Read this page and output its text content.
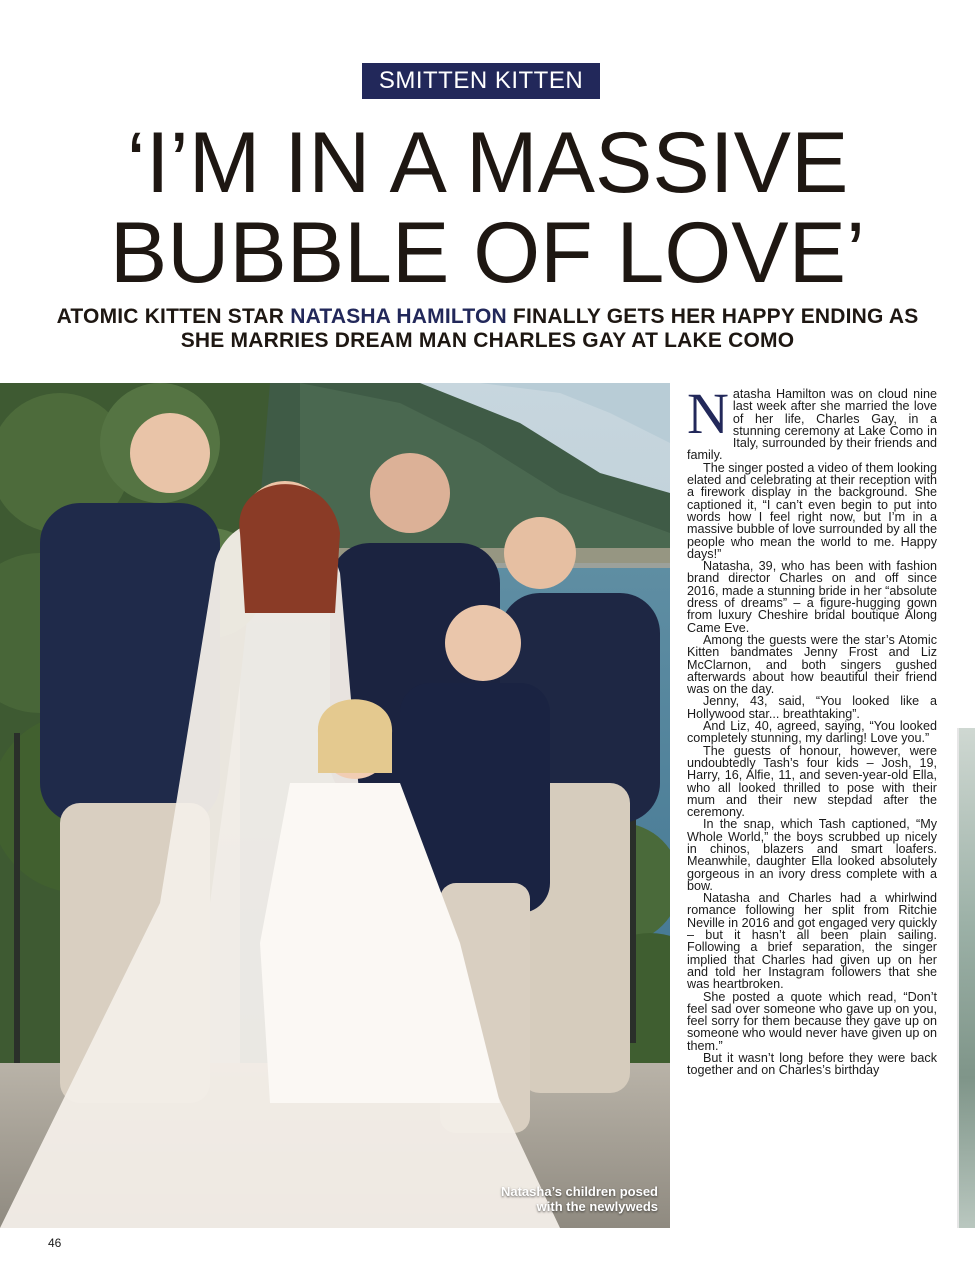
SMITTEN KITTEN
‘I’M IN A MASSIVE
BUBBLE OF LOVE’
ATOMIC KITTEN STAR NATASHA HAMILTON FINALLY GETS HER HAPPY ENDING AS SHE MARRIES DREAM MAN CHARLES GAY AT LAKE COMO
Natasha’s children posed
with the newlyweds

Natasha Hamilton was on cloud nine last week after she married the love of her life, Charles Gay, in a stunning ceremony at Lake Como in Italy, surrounded by their friends and family.

The singer posted a video of them looking elated and celebrating at their reception with a firework display in the background. She captioned it, “I can’t even begin to put into words how I feel right now, but I’m in a massive bubble of love surrounded by all the people who mean the world to me. Happy days!”

Natasha, 39, who has been with fashion brand director Charles on and off since 2016, made a stunning bride in her “absolute dress of dreams” – a figure-hugging gown from luxury Cheshire bridal boutique Along Came Eve.

Among the guests were the star’s Atomic Kitten bandmates Jenny Frost and Liz McClarnon, and both singers gushed afterwards about how beautiful their friend was on the day.

Jenny, 43, said, “You looked like a Hollywood star... breathtaking”.

And Liz, 40, agreed, saying, “You looked completely stunning, my darling! Love you.”

The guests of honour, however, were undoubtedly Tash’s four kids – Josh, 19, Harry, 16, Alfie, 11, and seven-year-old Ella, who all looked thrilled to pose with their mum and their new stepdad after the ceremony.

In the snap, which Tash captioned, “My Whole World,” the boys scrubbed up nicely in chinos, blazers and smart loafers. Meanwhile, daughter Ella looked absolutely gorgeous in an ivory dress complete with a bow.

Natasha and Charles had a whirlwind romance following her split from Ritchie Neville in 2016 and got engaged very quickly – but it hasn’t all been plain sailing. Following a brief separation, the singer implied that Charles had given up on her and told her Instagram followers that she was heartbroken.

She posted a quote which read, “Don’t feel sad over someone who gave up on you, feel sorry for them because they gave up on someone who would never have given up on them.”

But it wasn’t long before they were back together and on Charles’s birthday

46
